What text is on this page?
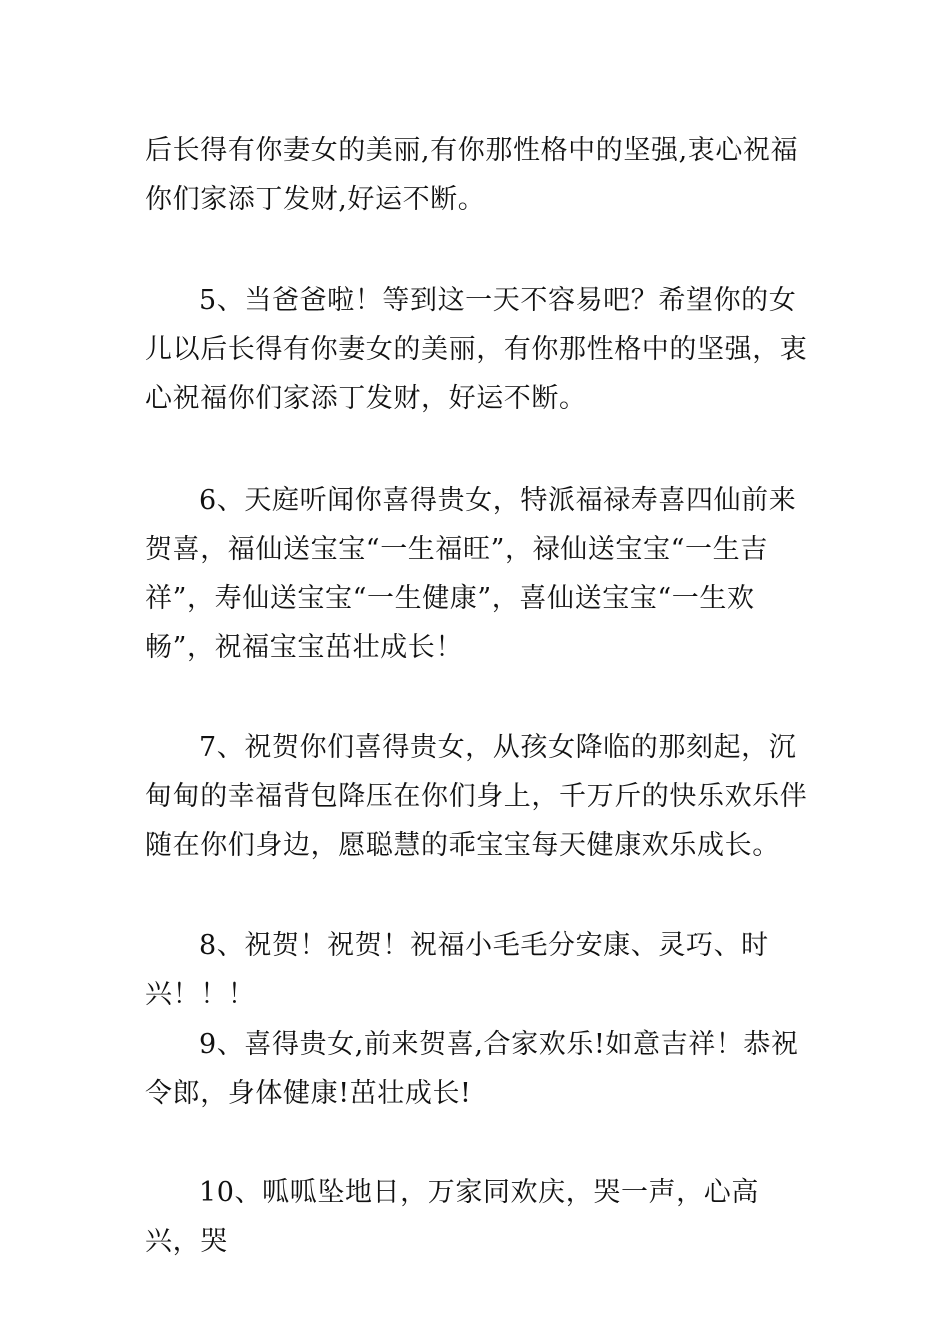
后长得有你妻女的美丽,有你那性格中的坚强,衷心祝福你们家添丁发财,好运不断。

5、当爸爸啦！等到这一天不容易吧？希望你的女儿以后长得有你妻女的美丽，有你那性格中的坚强，衷心祝福你们家添丁发财，好运不断。

6、天庭听闻你喜得贵女，特派福禄寿喜四仙前来贺喜，福仙送宝宝“一生福旺”，禄仙送宝宝“一生吉祥”，寿仙送宝宝“一生健康”，喜仙送宝宝“一生欢畅”，祝福宝宝茁壮成长！

7、祝贺你们喜得贵女，从孩女降临的那刻起，沉甸甸的幸福背包降压在你们身上，千万斤的快乐欢乐伴随在你们身边，愿聪慧的乖宝宝每天健康欢乐成长。

8、祝贺！祝贺！祝福小毛毛分安康、灵巧、时兴！！！

9、喜得贵女,前来贺喜,合家欢乐!如意吉祥！恭祝令郎，身体健康!茁壮成长!

10、呱呱坠地日，万家同欢庆，哭一声，心高兴，哭
